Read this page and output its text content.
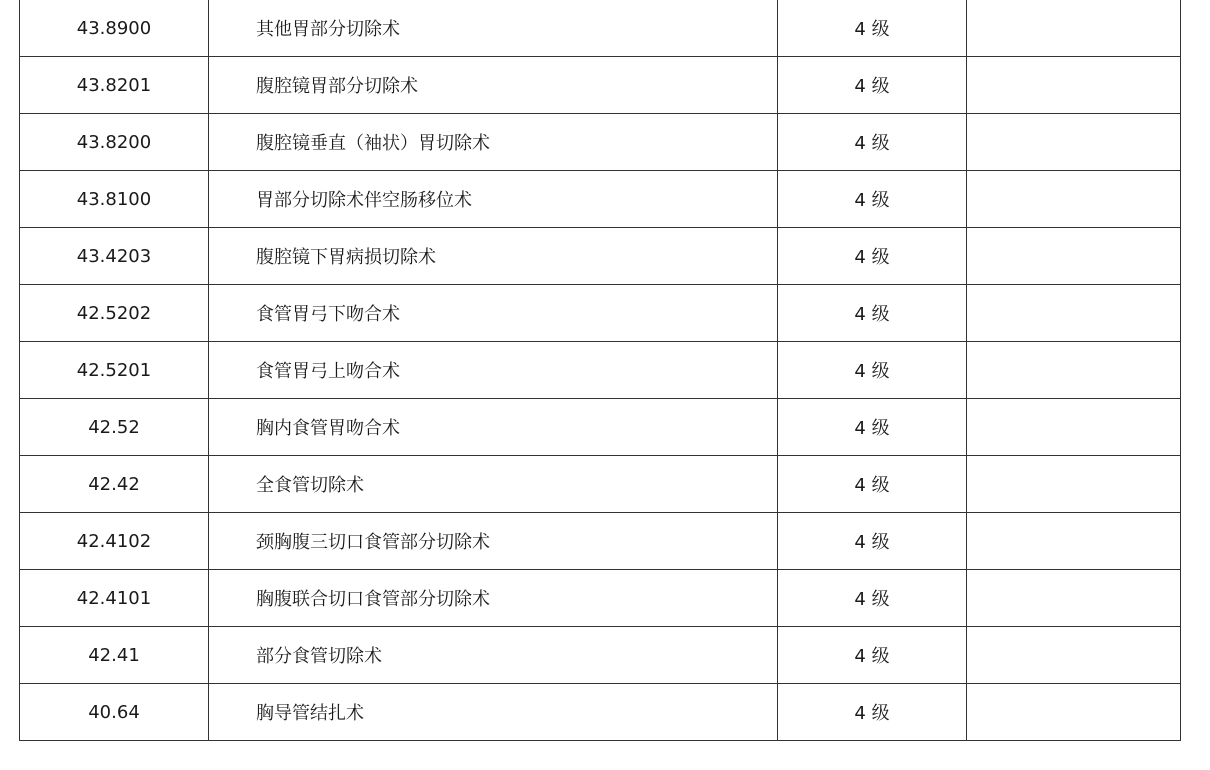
43.8900	其他胃部分切除术	4 级	
43.8201	腹腔镜胃部分切除术	4 级	
43.8200	腹腔镜垂直（袖状）胃切除术	4 级	
43.8100	胃部分切除术伴空肠移位术	4 级	
43.4203	腹腔镜下胃病损切除术	4 级	
42.5202	食管胃弓下吻合术	4 级	
42.5201	食管胃弓上吻合术	4 级	
42.52	胸内食管胃吻合术	4 级	
42.42	全食管切除术	4 级	
42.4102	颈胸腹三切口食管部分切除术	4 级	
42.4101	胸腹联合切口食管部分切除术	4 级	
42.41	部分食管切除术	4 级	
40.64	胸导管结扎术	4 级	
